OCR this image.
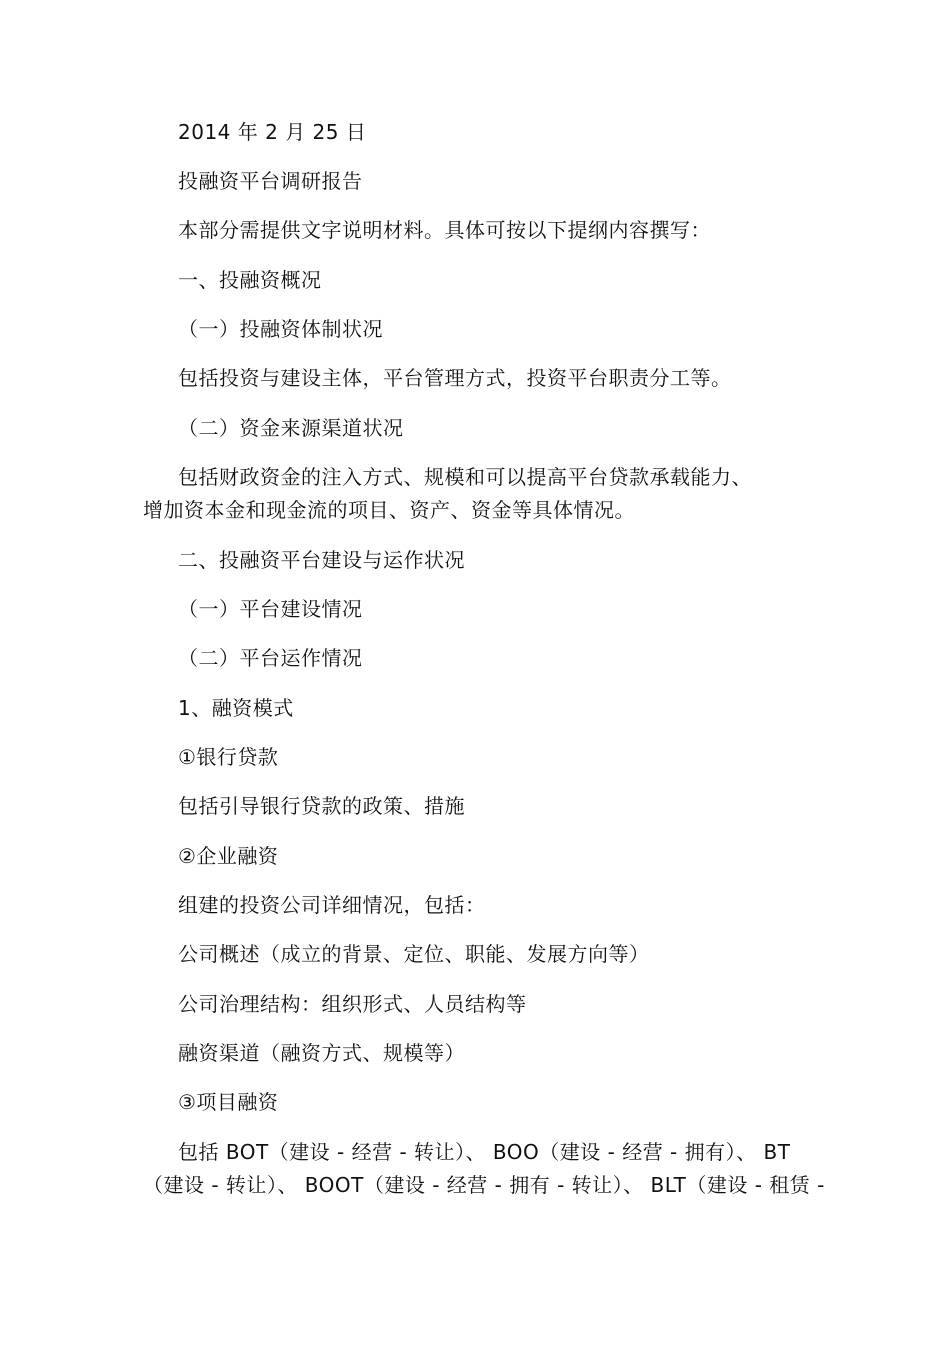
2014 年 2 月 25 日
投融资平台调研报告
本部分需提供文字说明材料。具体可按以下提纲内容撰写：
一、投融资概况
（一）投融资体制状况
包括投资与建设主体，平台管理方式，投资平台职责分工等。
（二）资金来源渠道状况
包括财政资金的注入方式、规模和可以提高平台贷款承载能力、
增加资本金和现金流的项目、资产、资金等具体情况。
二、投融资平台建设与运作状况
（一）平台建设情况
（二）平台运作情况
1、融资模式
①银行贷款
包括引导银行贷款的政策、措施
②企业融资
组建的投资公司详细情况，包括：
公司概述（成立的背景、定位、职能、发展方向等）
公司治理结构：组织形式、人员结构等
融资渠道（融资方式、规模等）
③项目融资
包括 BOT（建设 - 经营 - 转让）、 BOO（建设 - 经营 - 拥有）、 BT
（建设 - 转让）、 BOOT（建设 - 经营 - 拥有 - 转让）、 BLT（建设 - 租赁 -
